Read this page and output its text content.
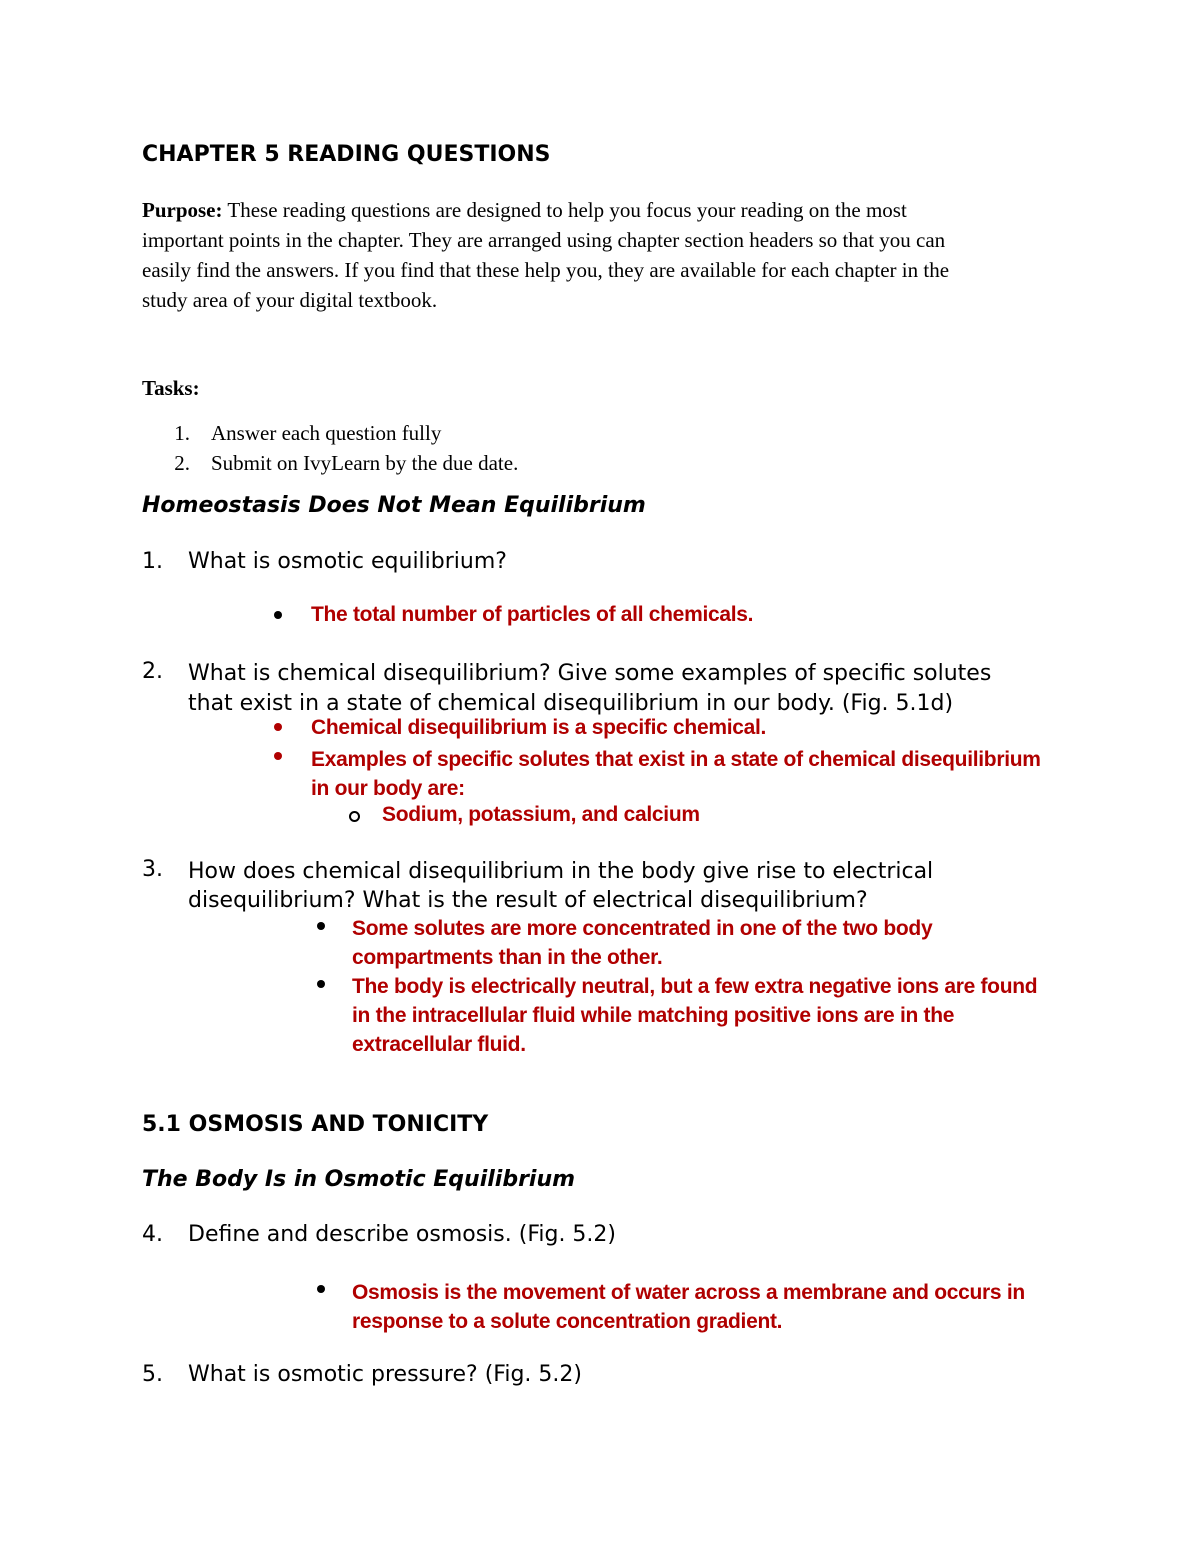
CHAPTER 5 READING QUESTIONS
Purpose: These reading questions are designed to help you focus your reading on the most
important points in the chapter. They are arranged using chapter section headers so that you can
easily find the answers. If you find that these help you, they are available for each chapter in the
study area of your digital textbook.
Tasks:
1. Answer each question fully
2. Submit on IvyLearn by the due date.
Homeostasis Does Not Mean Equilibrium
1. What is osmotic equilibrium?
The total number of particles of all chemicals.
2. What is chemical disequilibrium? Give some examples of specific solutes
that exist in a state of chemical disequilibrium in our body. (Fig. 5.1d)
Chemical disequilibrium is a specific chemical.
Examples of specific solutes that exist in a state of chemical disequilibrium
in our body are:
Sodium, potassium, and calcium
3. How does chemical disequilibrium in the body give rise to electrical
disequilibrium? What is the result of electrical disequilibrium?
Some solutes are more concentrated in one of the two body
compartments than in the other.
The body is electrically neutral, but a few extra negative ions are found
in the intracellular fluid while matching positive ions are in the
extracellular fluid.
5.1 OSMOSIS AND TONICITY
The Body Is in Osmotic Equilibrium
4. Define and describe osmosis. (Fig. 5.2)
Osmosis is the movement of water across a membrane and occurs in
response to a solute concentration gradient.
5. What is osmotic pressure? (Fig. 5.2)
